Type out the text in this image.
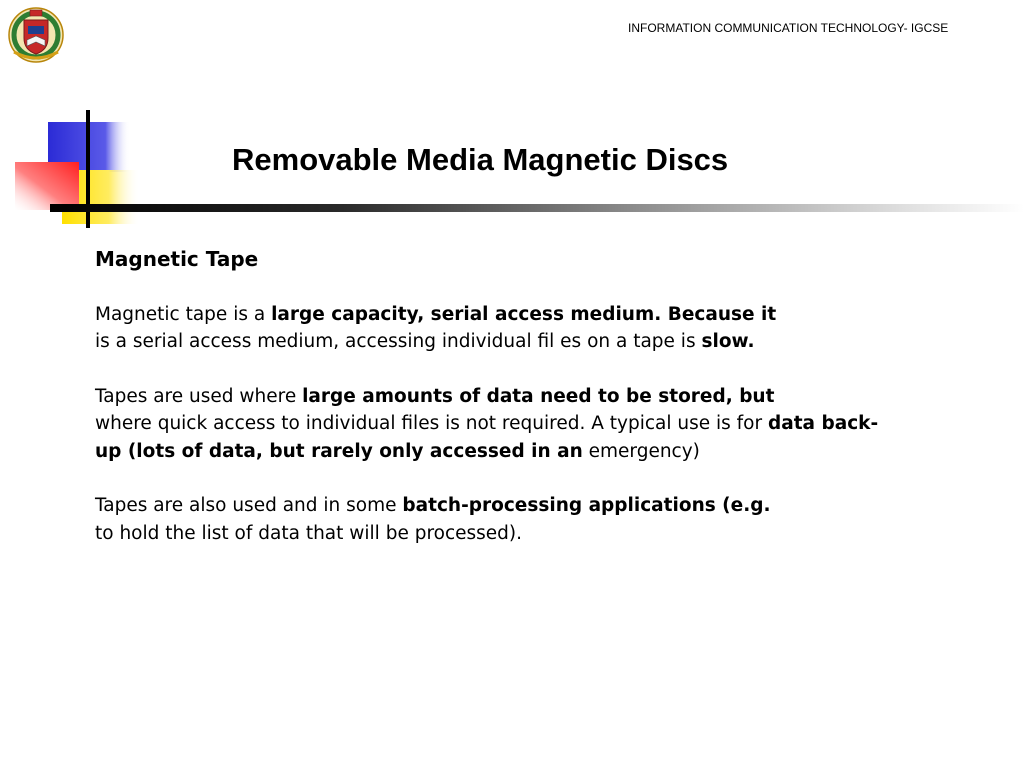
INFORMATION COMMUNICATION TECHNOLOGY- IGCSE
Removable Media Magnetic Discs
Magnetic Tape
Magnetic tape is a large capacity, serial access medium. Because it
is a serial access medium, accessing individual fil es on a tape is slow.
Tapes are used where large amounts of data need to be stored, but
where quick access to individual files is not required. A typical use is for data back-
up (lots of data, but rarely only accessed in an emergency)
Tapes are also used and in some batch-processing applications (e.g.
to hold the list of data that will be processed).
